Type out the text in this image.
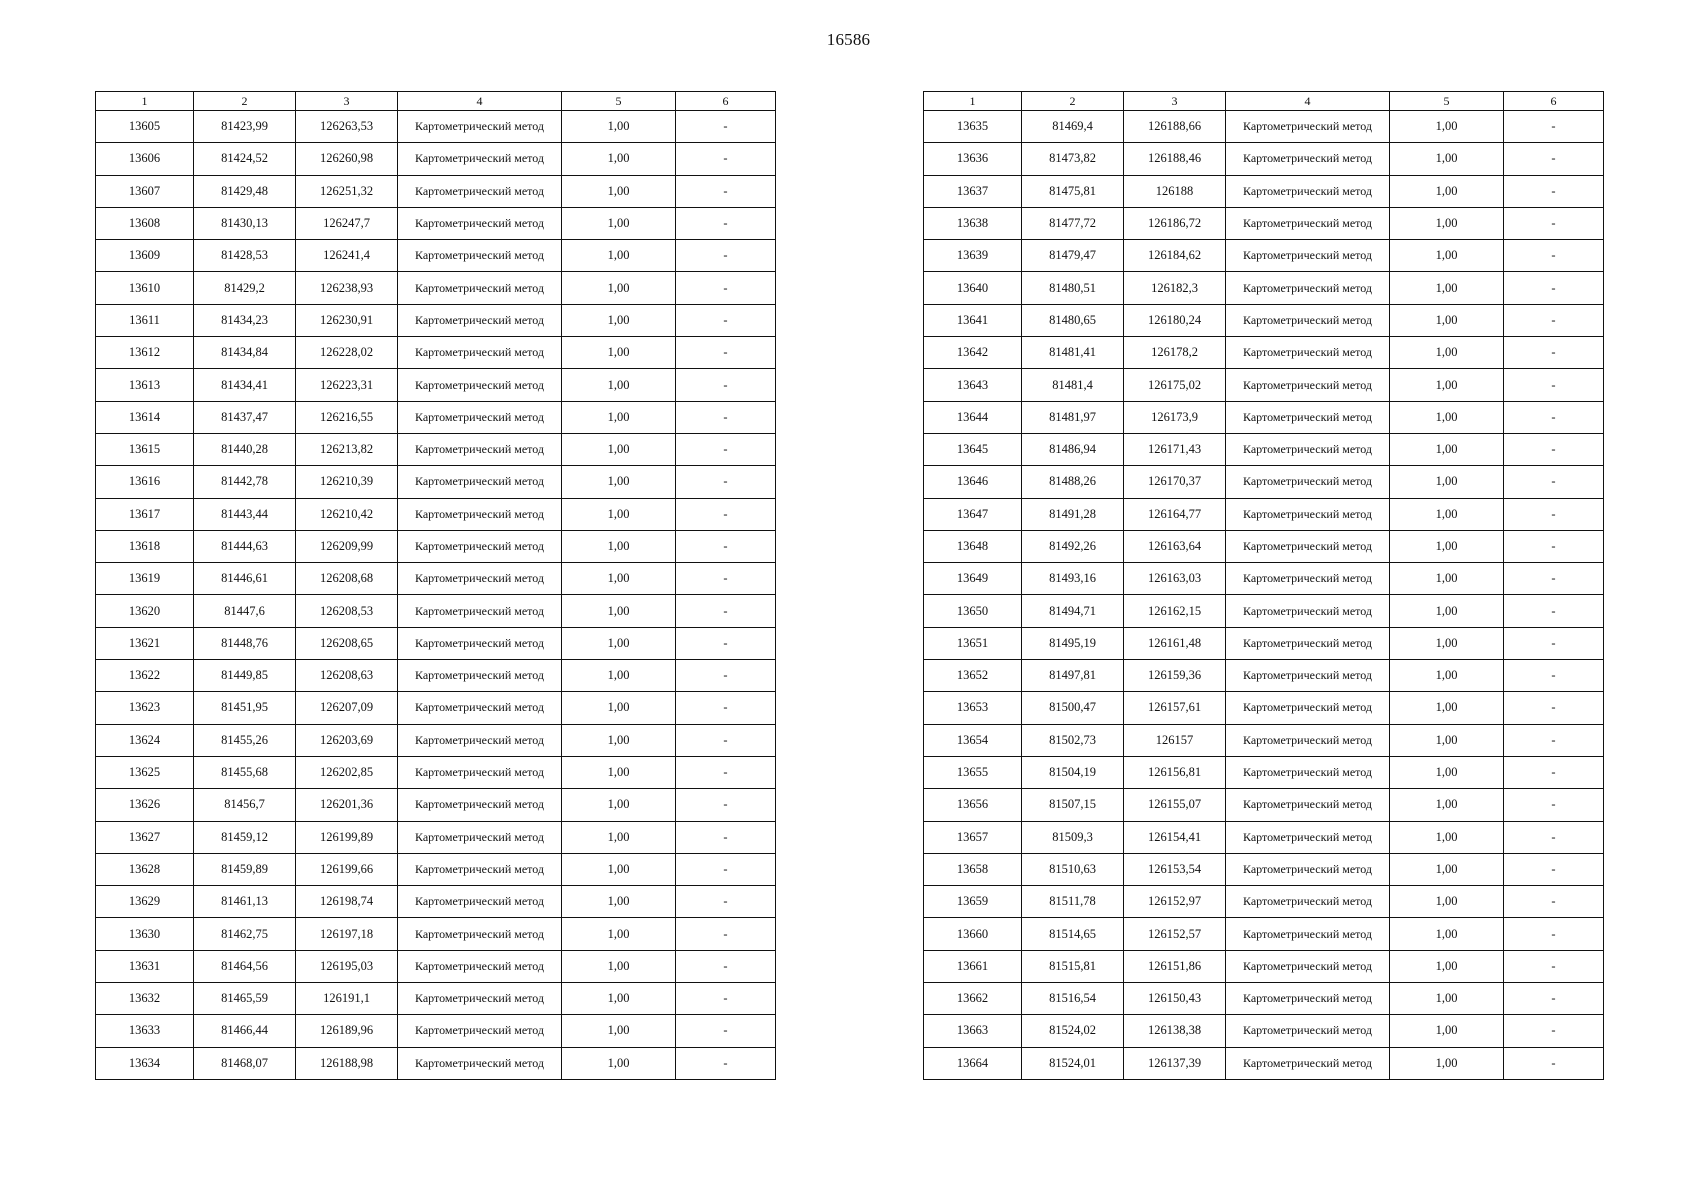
16586
1	2	3	4	5	6
13605	81423,99	126263,53	Картометрический метод	1,00	-
13606	81424,52	126260,98	Картометрический метод	1,00	-
13607	81429,48	126251,32	Картометрический метод	1,00	-
13608	81430,13	126247,7	Картометрический метод	1,00	-
13609	81428,53	126241,4	Картометрический метод	1,00	-
13610	81429,2	126238,93	Картометрический метод	1,00	-
13611	81434,23	126230,91	Картометрический метод	1,00	-
13612	81434,84	126228,02	Картометрический метод	1,00	-
13613	81434,41	126223,31	Картометрический метод	1,00	-
13614	81437,47	126216,55	Картометрический метод	1,00	-
13615	81440,28	126213,82	Картометрический метод	1,00	-
13616	81442,78	126210,39	Картометрический метод	1,00	-
13617	81443,44	126210,42	Картометрический метод	1,00	-
13618	81444,63	126209,99	Картометрический метод	1,00	-
13619	81446,61	126208,68	Картометрический метод	1,00	-
13620	81447,6	126208,53	Картометрический метод	1,00	-
13621	81448,76	126208,65	Картометрический метод	1,00	-
13622	81449,85	126208,63	Картометрический метод	1,00	-
13623	81451,95	126207,09	Картометрический метод	1,00	-
13624	81455,26	126203,69	Картометрический метод	1,00	-
13625	81455,68	126202,85	Картометрический метод	1,00	-
13626	81456,7	126201,36	Картометрический метод	1,00	-
13627	81459,12	126199,89	Картометрический метод	1,00	-
13628	81459,89	126199,66	Картометрический метод	1,00	-
13629	81461,13	126198,74	Картометрический метод	1,00	-
13630	81462,75	126197,18	Картометрический метод	1,00	-
13631	81464,56	126195,03	Картометрический метод	1,00	-
13632	81465,59	126191,1	Картометрический метод	1,00	-
13633	81466,44	126189,96	Картометрический метод	1,00	-
13634	81468,07	126188,98	Картометрический метод	1,00	-
1	2	3	4	5	6
13635	81469,4	126188,66	Картометрический метод	1,00	-
13636	81473,82	126188,46	Картометрический метод	1,00	-
13637	81475,81	126188	Картометрический метод	1,00	-
13638	81477,72	126186,72	Картометрический метод	1,00	-
13639	81479,47	126184,62	Картометрический метод	1,00	-
13640	81480,51	126182,3	Картометрический метод	1,00	-
13641	81480,65	126180,24	Картометрический метод	1,00	-
13642	81481,41	126178,2	Картометрический метод	1,00	-
13643	81481,4	126175,02	Картометрический метод	1,00	-
13644	81481,97	126173,9	Картометрический метод	1,00	-
13645	81486,94	126171,43	Картометрический метод	1,00	-
13646	81488,26	126170,37	Картометрический метод	1,00	-
13647	81491,28	126164,77	Картометрический метод	1,00	-
13648	81492,26	126163,64	Картометрический метод	1,00	-
13649	81493,16	126163,03	Картометрический метод	1,00	-
13650	81494,71	126162,15	Картометрический метод	1,00	-
13651	81495,19	126161,48	Картометрический метод	1,00	-
13652	81497,81	126159,36	Картометрический метод	1,00	-
13653	81500,47	126157,61	Картометрический метод	1,00	-
13654	81502,73	126157	Картометрический метод	1,00	-
13655	81504,19	126156,81	Картометрический метод	1,00	-
13656	81507,15	126155,07	Картометрический метод	1,00	-
13657	81509,3	126154,41	Картометрический метод	1,00	-
13658	81510,63	126153,54	Картометрический метод	1,00	-
13659	81511,78	126152,97	Картометрический метод	1,00	-
13660	81514,65	126152,57	Картометрический метод	1,00	-
13661	81515,81	126151,86	Картометрический метод	1,00	-
13662	81516,54	126150,43	Картометрический метод	1,00	-
13663	81524,02	126138,38	Картометрический метод	1,00	-
13664	81524,01	126137,39	Картометрический метод	1,00	-
